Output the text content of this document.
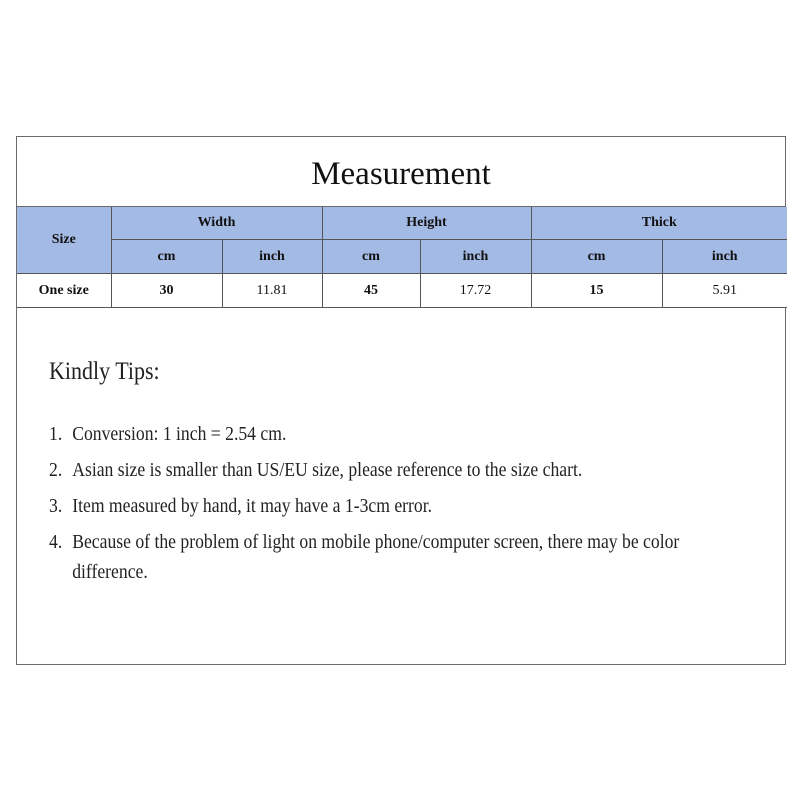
Measurement
Size	Width		Height		Thick	
	cm	inch	cm	inch	cm	inch
One size	30	11.81	45	17.72	15	5.91
Kindly Tips:
1. Conversion: 1 inch = 2.54 cm.
2. Asian size is smaller than US/EU size, please reference to the size chart.
3. Item measured by hand, it may have a 1-3cm error.
4. Because of the problem of light on mobile phone/computer screen, there may be color difference.
